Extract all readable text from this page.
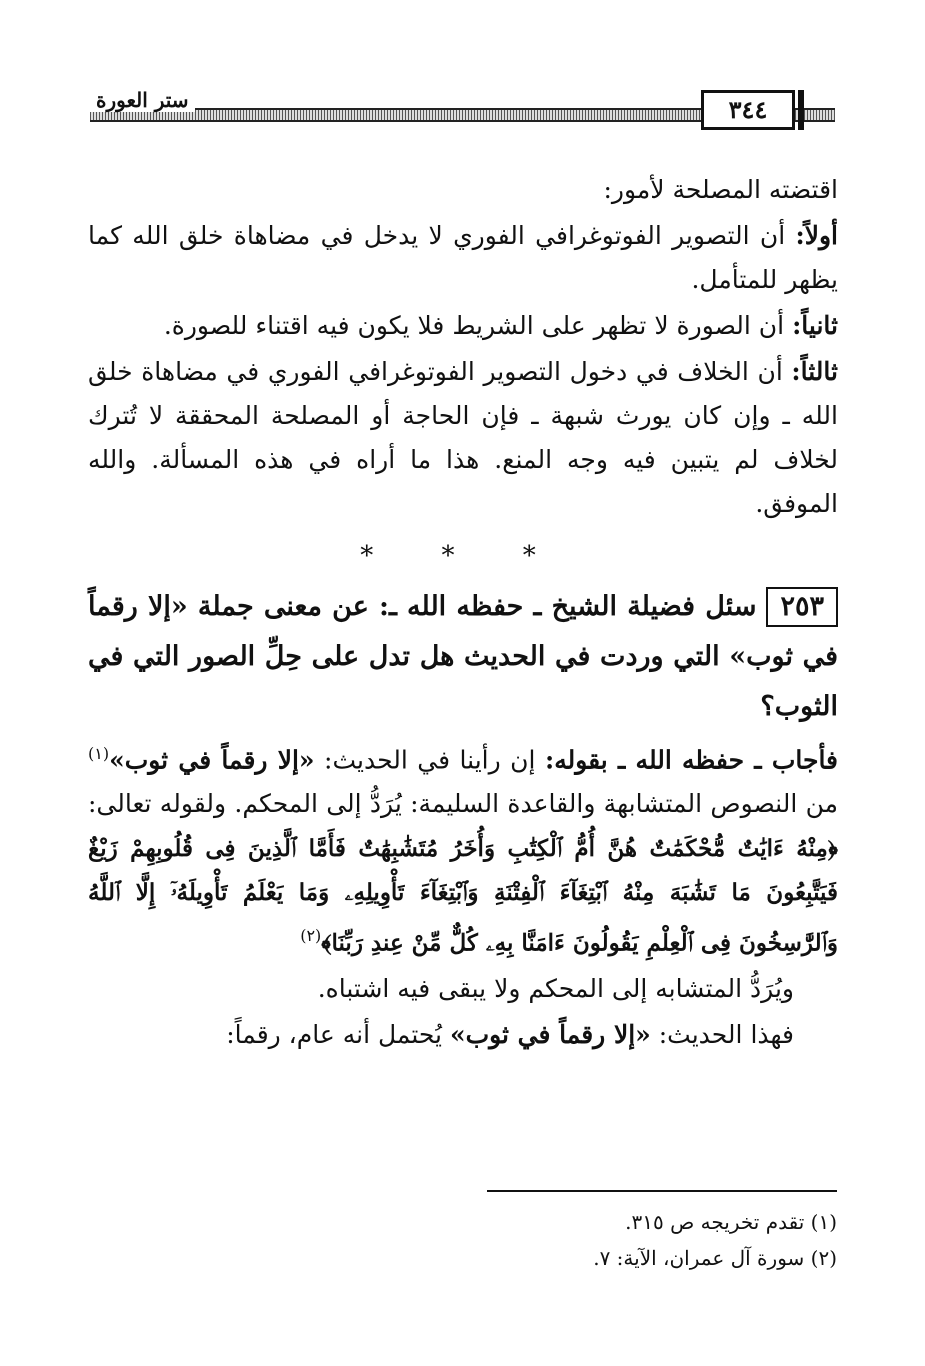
ستر العورة	٣٤٤

اقتضته المصلحة لأمور:

أولاً: أن التصوير الفوتوغرافي الفوري لا يدخل في مضاهاة خلق الله كما يظهر للمتأمل.

ثانياً: أن الصورة لا تظهر على الشريط فلا يكون فيه اقتناء للصورة.

ثالثاً: أن الخلاف في دخول التصوير الفوتوغرافي الفوري في مضاهاة خلق الله ـ وإن كان يورث شبهة ـ فإن الحاجة أو المصلحة المحققة لا تُترك لخلاف لم يتبين فيه وجه المنع. هذا ما أراه في هذه المسألة. والله الموفق.

* * *

٢٥٣سئل فضيلة الشيخ ـ حفظه الله ـ: عن معنى جملة «إلا رقماً في ثوب» التي وردت في الحديث هل تدل على حِلِّ الصور التي في الثوب؟

فأجاب ـ حفظه الله ـ بقوله: إن رأينا في الحديث: «إلا رقماً في ثوب»$^{(١)}$ من النصوص المتشابهة والقاعدة السليمة: يُرَدُّ إلى المحكم. ولقوله تعالى: ﴿مِنْهُ ءَايَٰتٌ مُّحْكَمَٰتٌ هُنَّ أُمُّ ٱلْكِتَٰبِ وَأُخَرُ مُتَشَٰبِهَٰتٌ فَأَمَّا ٱلَّذِينَ فِى قُلُوبِهِمْ زَيْغٌ فَيَتَّبِعُونَ مَا تَشَٰبَهَ مِنْهُ ٱبْتِغَآءَ ٱلْفِتْنَةِ وَٱبْتِغَآءَ تَأْوِيلِهِۦ وَمَا يَعْلَمُ تَأْوِيلَهُۥٓ إِلَّا ٱللَّهُ وَٱلرَّٰسِخُونَ فِى ٱلْعِلْمِ يَقُولُونَ ءَامَنَّا بِهِۦ كُلٌّ مِّنْ عِندِ رَبِّنَا﴾$^{(٢)}$

ويُرَدُّ المتشابه إلى المحكم ولا يبقى فيه اشتباه.

فهذا الحديث: «إلا رقماً في ثوب» يُحتمل أنه عام، رقماً:

(١) تقدم تخريجه ص ٣١٥.
(٢) سورة آل عمران، الآية: ٧.
